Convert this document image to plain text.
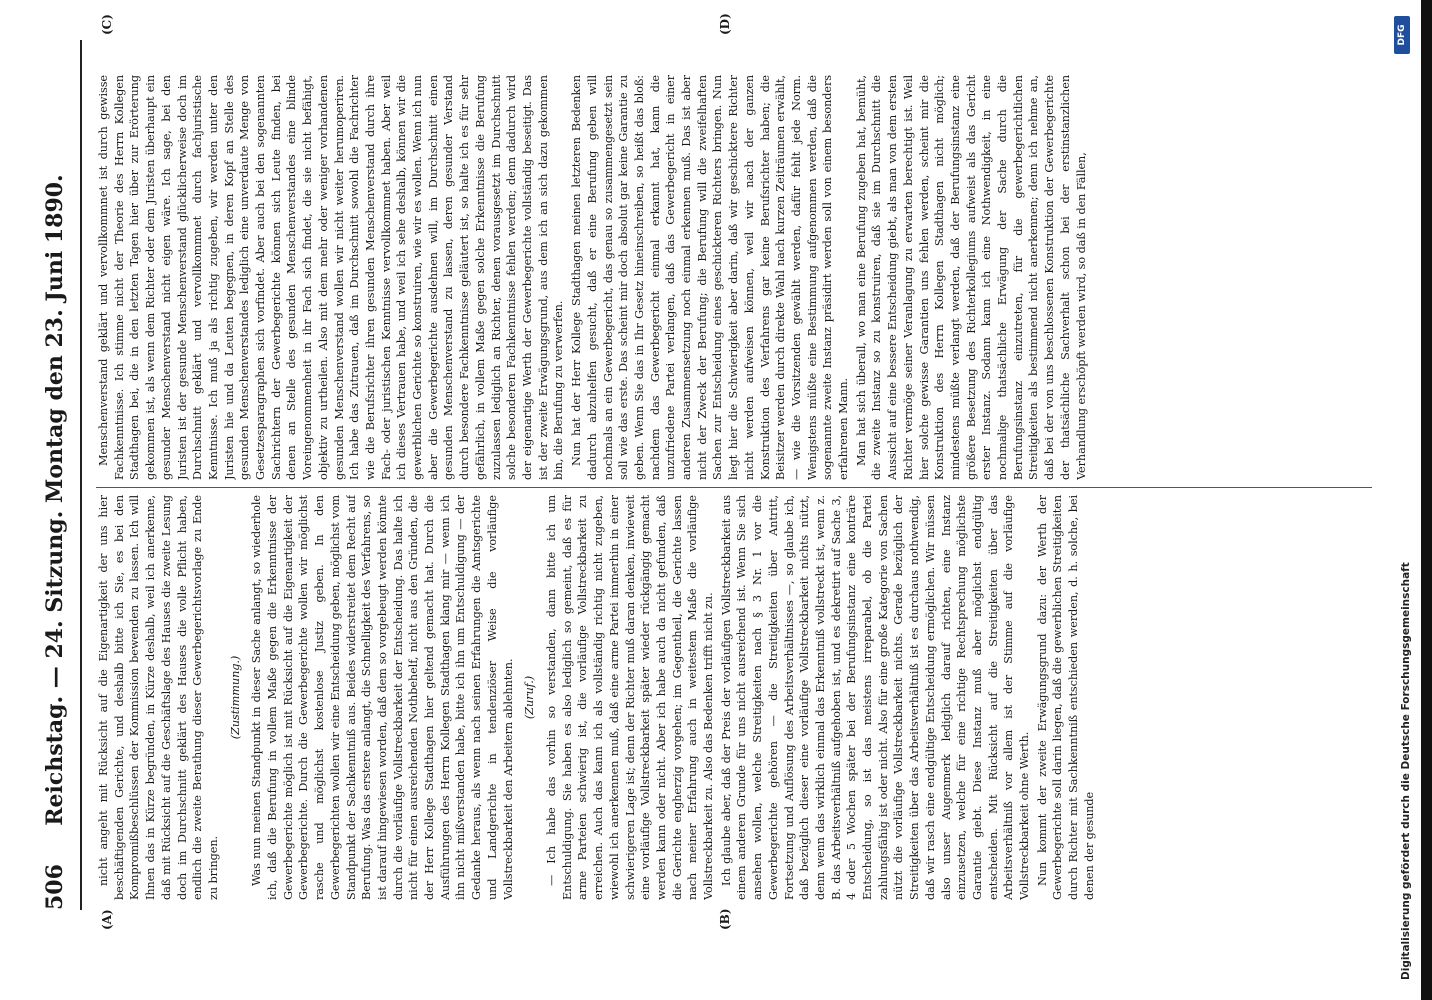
506
Reichstag. — 24. Sitzung. Montag den 23. Juni 1890.
(A)	(B)
(C)	(D)

nicht angeht mit Rücksicht auf die Eigenartigkeit der uns hier beschäftigenden Gerichte, und deshalb bitte ich Sie, es bei den Kompromißbeschlüssen der Kommission bewenden zu lassen. Ich will Ihnen das in Kürze begründen, in Kürze deshalb, weil ich anerkenne, daß mit Rücksicht auf die Geschäftslage des Hauses die zweite Lesung doch im Durchschnitt geklärt des Hauses die volle Pflicht haben, endlich die zweite Berathung dieser Gewerbegerichtsvorlage zu Ende zu bringen.

(Zustimmung.) Was nun meinen Standpunkt in dieser Sache anlangt, so wiederhole ich, daß die Berufung in vollem Maße gegen die Erkenntnisse der Gewerbegerichte möglich ist mit Rücksicht auf die Eigenartigkeit der Gewerbegerichte. Durch die Gewerbegerichte wollen wir möglichst rasche und möglichst kostenlose Justiz geben. In den Gewerbegerichten wollen wir eine Entscheidung geben, möglichst vom Standpunkt der Sachkenntniß aus. Beides widerstreitet dem Recht auf Berufung. Was das erstere anlangt, die Schnelligkeit des Verfahrens, so ist darauf hingewiesen worden, daß dem so vorgebeugt werden könnte durch die vorläufige Vollstreckbarkeit der Entscheidung. Das halte ich nicht für einen ausreichenden Nothbehelf, nicht aus den Gründen, die der Herr Kollege Stadthagen hier geltend gemacht hat. Durch die Ausführungen des Herrn Kollegen Stadthagen klang mir — wenn ich ihn nicht mißverstanden habe, bitte ich ihn um Entschuldigung — der Gedanke heraus, als wenn nach seinen Erfahrungen die Amtsgerichte und Landgerichte in tendenziöser Weise die vorläufige Vollstreckbarkeit den Arbeitern ablehnten. (Zuruf.) — Ich habe das vorhin so verstanden, dann bitte ich um Entschuldigung. Sie haben es also lediglich so gemeint, daß es für arme Parteien schwierig ist, die vorläufige Vollstreckbarkeit zu erreichen. Auch das kann ich als vollständig richtig nicht zugeben, wiewohl ich anerkennen muß, daß eine arme Partei immerhin in einer schwierigeren Lage ist; denn der Richter muß daran denken, inwieweit eine vorläufige Vollstreckbarkeit später wieder rückgängig gemacht werden kann oder nicht. Aber ich habe auch da nicht gefunden, daß die Gerichte engherzig vorgehen; im Gegentheil, die Gerichte lassen nach meiner Erfahrung auch in weitestem Maße die vorläufige Vollstreckbarkeit zu. Also das Bedenken trifft nicht zu. Ich glaube aber, daß der Preis der vorläufigen Vollstreckbarkeit aus einem anderen Grunde für uns nicht ausreichend ist. Wenn Sie sich ansehen wollen, welche Streitigkeiten nach § 3 Nr. 1 vor die Gewerbegerichte gehören — die Streitigkeiten über Antritt, Fortsetzung und Auflösung des Arbeitsverhältnisses —, so glaube ich, daß bezüglich dieser eine vorläufige Vollstreckbarkeit nichts nützt, denn wenn das wirklich einmal das Erkenntniß vollstreckt ist, wenn z. B. das Arbeitsverhältniß aufgehoben ist, und es dekretirt auf Sache 3, 4 oder 5 Wochen später bei der Berufungsinstanz eine konträre Entscheidung, so ist das meistens irreparabel, ob die Partei zahlungsfähig ist oder nicht. Also für eine große Kategorie von Sachen nützt die vorläufige Vollstreckbarkeit nichts. Gerade bezüglich der Streitigkeiten über das Arbeitsverhältniß ist es durchaus nothwendig, daß wir rasch eine endgültige Entscheidung ermöglichen. Wir müssen also unser Augenmerk lediglich darauf richten, eine Instanz einzusetzen, welche für eine richtige Rechtsprechung möglichste Garantie giebt. Diese Instanz muß aber möglichst endgültig entscheiden. Mit Rücksicht auf die Streitigkeiten über das Arbeitsverhältniß vor allem ist der Stimme auf die vorläufige Vollstreckbarkeit ohne Werth. Nun kommt der zweite Erwägungsgrund dazu: der Werth der Gewerbegerichte soll darin liegen, daß die gewerblichen Streitigkeiten durch Richter mit Sachkenntniß entschieden werden, d. h. solche, bei denen der gesunde

Menschenverstand geklärt und vervollkommnet ist durch gewisse Fachkenntnisse. Ich stimme nicht der Theorie des Herrn Kollegen Stadthagen bei, die in den letzten Tagen hier über zur Erörterung gekommen ist, als wenn dem Richter oder dem Juristen überhaupt ein gesunder Menschenverstand nicht eigen wäre. Ich sage, bei den Juristen ist der gesunde Menschenverstand glücklicherweise doch im Durchschnitt geklärt und vervollkommnet durch fachjuristische Kenntnisse. Ich muß ja als richtig zugeben, wir werden unter den Juristen hie und da Leuten begegnen, in deren Kopf an Stelle des gesunden Menschenverstandes lediglich eine unverdaute Menge von Gesetzesparagraphen sich vorfindet. Aber auch bei den sogenannten Sachrichtern der Gewerbegerichte können sich Leute finden, bei denen an Stelle des gesunden Menschenverstandes eine blinde Voreingenommenheit in ihr Fach sich findet, die sie nicht befähigt, objektiv zu urtheilen. Also mit dem mehr oder weniger vorhandenen gesunden Menschenverstand wollen wir nicht weiter herumoperiren. Ich habe das Zutrauen, daß im Durchschnitt sowohl die Fachrichter wie die Berufsrichter ihren gesunden Menschenverstand durch ihre Fach- oder juristischen Kenntnisse vervollkommnet haben. Aber weil ich dieses Vertrauen habe, und weil ich sehe deshalb, können wir die gewerblichen Gerichte so konstruiren, wie wir es wollen. Wenn ich nun aber die Gewerbegerichte ausdehnen will, im Durchschnitt einen gesunden Menschenverstand zu lassen, deren gesunder Verstand durch besondere Fachkenntnisse geläutert ist, so halte ich es für sehr gefährlich, in vollem Maße gegen solche Erkenntnisse die Berufung zuzulassen lediglich an Richter, denen vorausgesetzt im Durchschnitt solche besonderen Fachkenntnisse fehlen werden; denn dadurch wird der eigenartige Werth der Gewerbegerichte vollständig beseitigt. Das ist der zweite Erwägungsgrund, aus dem ich an sich dazu gekommen bin, die Berufung zu verwerfen. Nun hat der Herr Kollege Stadthagen meinen letzteren Bedenken dadurch abzuhelfen gesucht, daß er eine Berufung geben will nochmals an ein Gewerbegericht, das genau so zusammengesetzt sein soll wie das erste. Das scheint mir doch absolut gar keine Garantie zu geben. Wenn Sie das in Ihr Gesetz hineinschreiben, so heißt das bloß: nachdem das Gewerbegericht einmal erkannt hat, kann die unzufriedene Partei verlangen, daß das Gewerbegericht in einer anderen Zusammensetzung noch einmal erkennen muß. Das ist aber nicht der Zweck der Berufung; die Berufung will die zweifelhaften Sachen zur Entscheidung eines geschickteren Richters bringen. Nun liegt hier die Schwierigkeit aber darin, daß wir geschicktere Richter nicht werden aufweisen können, weil wir nach der ganzen Konstruktion des Verfahrens gar keine Berufsrichter haben; die Beisitzer werden durch direkte Wahl nach kurzen Zeiträumen erwählt, — wie die Vorsitzenden gewählt werden, dafür fehlt jede Norm. Wenigstens müßte eine Bestimmung aufgenommen werden, daß die sogenannte zweite Instanz präsidirt werden soll von einem besonders erfahrenen Mann. Man hat sich überall, wo man eine Berufung zugeben hat, bemüht, die zweite Instanz so zu konstruiren, daß sie im Durchschnitt die Aussicht auf eine bessere Entscheidung giebt, als man von dem ersten Richter vermöge seiner Veranlagung zu erwarten berechtigt ist. Weil hier solche gewisse Garantien uns fehlen werden, scheint mir die Konstruktion des Herrn Kollegen Stadthagen nicht möglich; mindestens müßte verlangt werden, daß der Berufungsinstanz eine größere Besetzung des Richterkollegiums aufweist als das Gericht erster Instanz. Sodann kann ich eine Nothwendigkeit, in eine nochmalige thatsächliche Erwägung der Sache durch die Berufungsinstanz einzutreten, für die gewerbegerichtlichen Streitigkeiten als bestimmend nicht anerkennen; denn ich nehme an, daß bei der von uns beschlossenen Konstruktion der Gewerbegerichte der thatsächliche Sachverhalt schon bei der erstinstanzlichen Verhandlung erschöpft werden wird, so daß in den Fällen,

Digitalisierung gefördert durch die Deutsche Forschungsgemeinschaft
DFG
